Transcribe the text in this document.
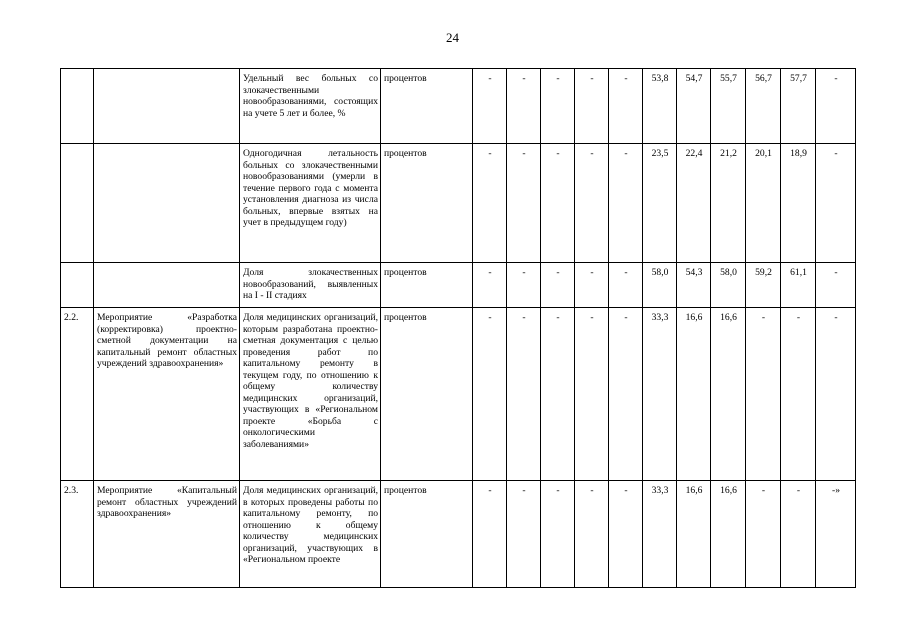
24
		Удельный вес больных со злокачественными новообразованиями, состоящих на учете 5 лет и более, %	процентов	-	-	-	-	-	53,8	54,7	55,7	56,7	57,7	-
		Одногодичная летальность больных со злокачественными новообразованиями (умерли в течение первого года с момента установления диагноза из числа больных, впервые взятых на учет в предыдущем году)	процентов	-	-	-	-	-	23,5	22,4	21,2	20,1	18,9	-
		Доля злокачественных новообразований, выявленных на I - II стадиях	процентов	-	-	-	-	-	58,0	54,3	58,0	59,2	61,1	-
2.2.	Мероприятие «Разработка (корректировка) проектно-сметной документации на капитальный ремонт областных учреждений здравоохранения»	Доля медицинских организаций, которым разработана проектно-сметная документация с целью проведения работ по капитальному ремонту в текущем году, по отношению к общему количеству медицинских организаций, участвующих в «Региональном проекте «Борьба с онкологическими заболеваниями»	процентов	-	-	-	-	-	33,3	16,6	16,6	-	-	-
2.3.	Мероприятие «Капитальный ремонт областных учреждений здравоохранения»	Доля медицинских организаций, в которых проведены работы по капитальному ремонту, по отношению к общему количеству медицинских организаций, участвующих в «Региональном проекте	процентов	-	-	-	-	-	33,3	16,6	16,6	-	-	-»
